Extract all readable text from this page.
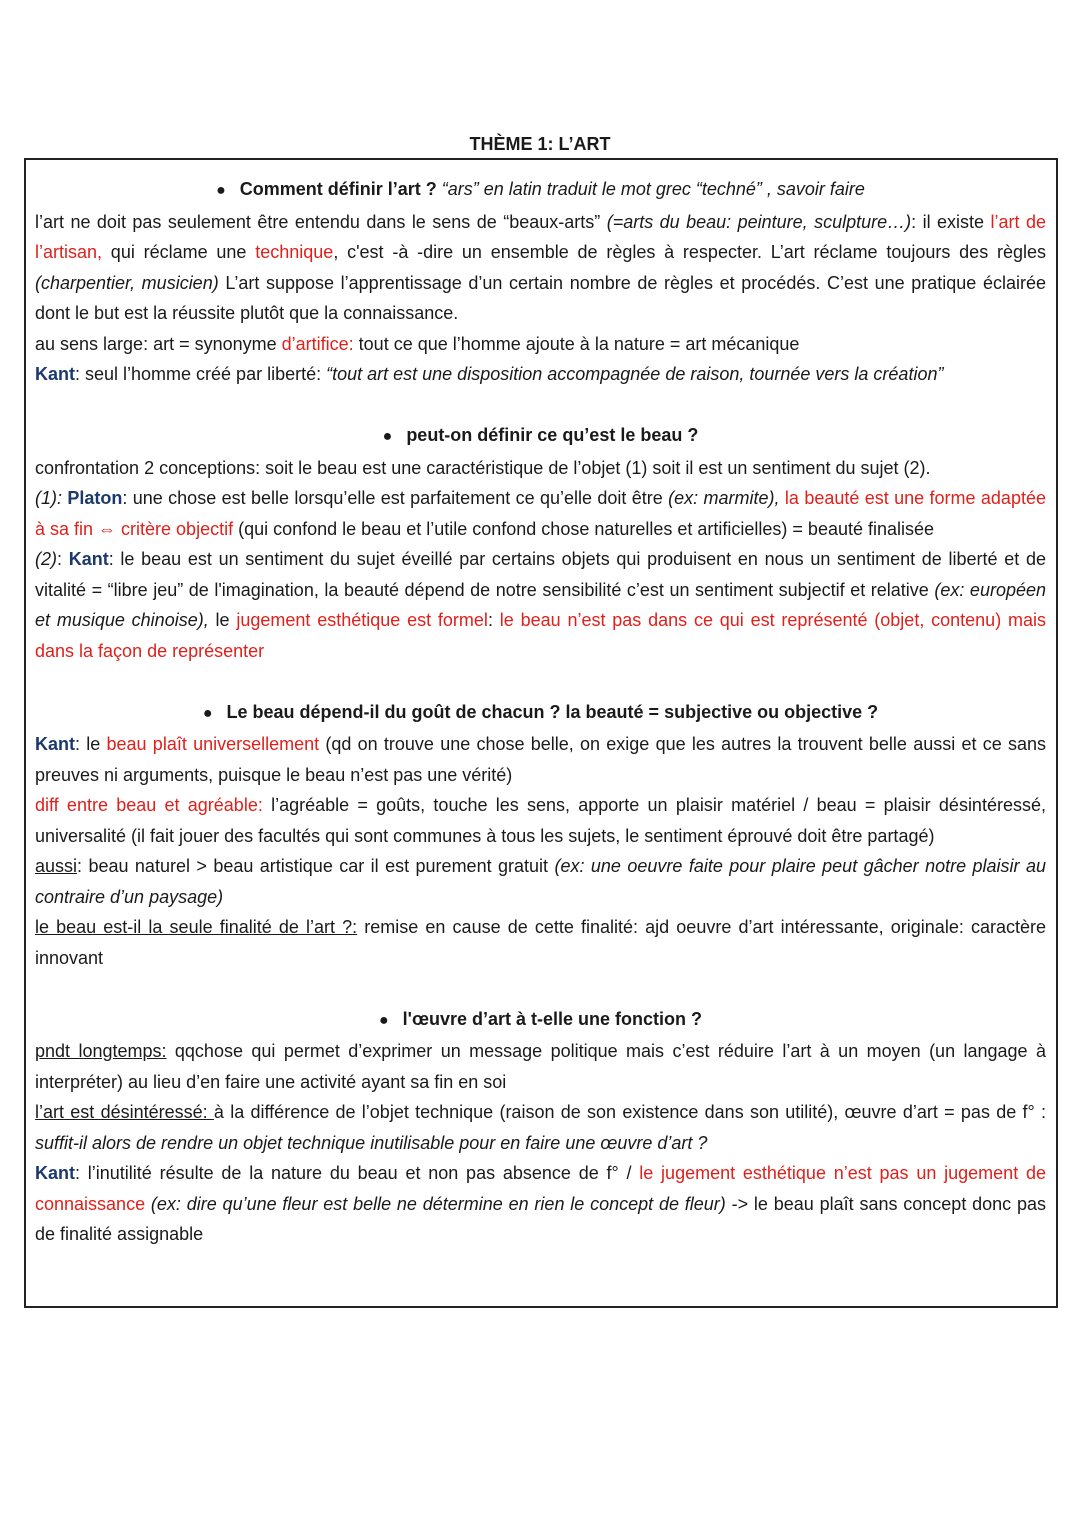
THÈME 1: L’ART
● Comment définir l’art ? “ars” en latin traduit le mot grec “techné” , savoir faire

l’art ne doit pas seulement être entendu dans le sens de “beaux-arts” (=arts du beau: peinture, sculpture…): il existe l’art de l’artisan, qui réclame une technique, c'est -à -dire un ensemble de règles à respecter. L’art réclame toujours des règles (charpentier, musicien) L’art suppose l’apprentissage d’un certain nombre de règles et procédés. C’est une pratique éclairée dont le but est la réussite plutôt que la connaissance.

au sens large: art = synonyme d’artifice: tout ce que l’homme ajoute à la nature = art mécanique

Kant: seul l’homme créé par liberté: “tout art est une disposition accompagnée de raison, tournée vers la création”

● peut-on définir ce qu’est le beau ?

confrontation 2 conceptions: soit le beau est une caractéristique de l’objet (1) soit il est un sentiment du sujet (2).

(1): Platon: une chose est belle lorsqu’elle est parfaitement ce qu’elle doit être (ex: marmite), la beauté est une forme adaptée à sa fin ⇔ critère objectif (qui confond le beau et l’utile confond chose naturelles et artificielles) = beauté finalisée

(2): Kant: le beau est un sentiment du sujet éveillé par certains objets qui produisent en nous un sentiment de liberté et de vitalité = “libre jeu” de l'imagination, la beauté dépend de notre sensibilité c’est un sentiment subjectif et relative (ex: européen et musique chinoise), le jugement esthétique est formel: le beau n’est pas dans ce qui est représenté (objet, contenu) mais dans la façon de représenter

● Le beau dépend-il du goût de chacun ? la beauté = subjective ou objective ?

Kant: le beau plaît universellement (qd on trouve une chose belle, on exige que les autres la trouvent belle aussi et ce sans preuves ni arguments, puisque le beau n’est pas une vérité)

diff entre beau et agréable: l’agréable = goûts, touche les sens, apporte un plaisir matériel / beau = plaisir désintéressé, universalité (il fait jouer des facultés qui sont communes à tous les sujets, le sentiment éprouvé doit être partagé)

aussi: beau naturel > beau artistique car il est purement gratuit (ex: une oeuvre faite pour plaire peut gâcher notre plaisir au contraire d’un paysage)

le beau est-il la seule finalité de l’art ?: remise en cause de cette finalité: ajd oeuvre d’art intéressante, originale: caractère innovant

● l'œuvre d’art à t-elle une fonction ?

pndt longtemps: qqchose qui permet d’exprimer un message politique mais c’est réduire l’art à un moyen (un langage à interpréter) au lieu d’en faire une activité ayant sa fin en soi

l’art est désintéressé: à la différence de l’objet technique (raison de son existence dans son utilité), œuvre d’art = pas de f° : suffit-il alors de rendre un objet technique inutilisable pour en faire une œuvre d’art ?

Kant: l’inutilité résulte de la nature du beau et non pas absence de f° / le jugement esthétique n’est pas un jugement de connaissance (ex: dire qu’une fleur est belle ne détermine en rien le concept de fleur) -> le beau plaît sans concept donc pas de finalité assignable
